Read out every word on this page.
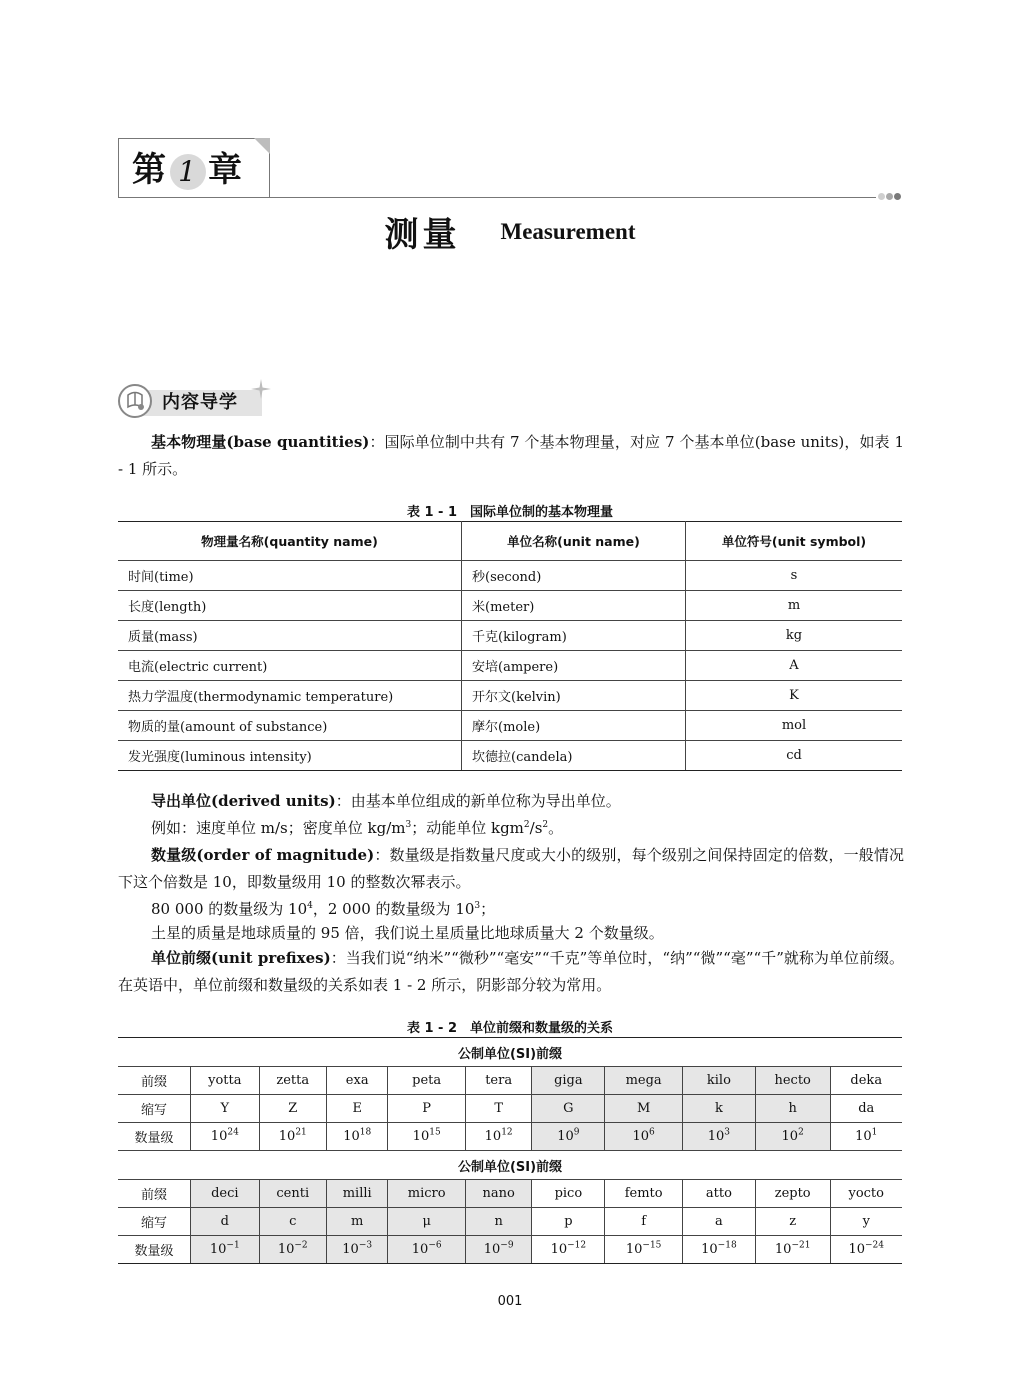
第 1 章
测量 Measurement
内容导学
基本物理量(base quantities)：国际单位制中共有 7 个基本物理量，对应 7 个基本单位(base units)，如表 1 - 1 所示。
表 1 - 1　国际单位制的基本物理量
物理量名称(quantity name)	单位名称(unit name)	单位符号(unit symbol)
时间(time)	秒(second)	s
长度(length)	米(meter)	m
质量(mass)	千克(kilogram)	kg
电流(electric current)	安培(ampere)	A
热力学温度(thermodynamic temperature)	开尔文(kelvin)	K
物质的量(amount of substance)	摩尔(mole)	mol
发光强度(luminous intensity)	坎德拉(candela)	cd
导出单位(derived units)：由基本单位组成的新单位称为导出单位。
例如：速度单位 m/s；密度单位 $kg/m^3$；动能单位 $kgm^2/s^2$。
数量级(order of magnitude)：数量级是指数量尺度或大小的级别，每个级别之间保持固定的倍数，一般情况下这个倍数是 10，即数量级用 10 的整数次幂表示。
80 000 的数量级为 $10^4$，2 000 的数量级为 $10^3$；
土星的质量是地球质量的 95 倍，我们说土星质量比地球质量大 2 个数量级。
单位前缀(unit prefixes)：当我们说“纳米”“微秒”“毫安”“千克”等单位时，“纳”“微”“毫”“千”就称为单位前缀。在英语中，单位前缀和数量级的关系如表 1 - 2 所示，阴影部分较为常用。
表 1 - 2　单位前缀和数量级的关系
公制单位(SI)前缀										
前缀	yotta	zetta	exa	peta	tera	giga	mega	kilo	hecto	deka
缩写	Y	Z	E	P	T	G	M	k	h	da
数量级	$10^{24}$	$10^{21}$	$10^{18}$	$10^{15}$	$10^{12}$	$10^9$	$10^6$	$10^3$	$10^2$	$10^1$
公制单位(SI)前缀										
前缀	deci	centi	milli	micro	nano	pico	femto	atto	zepto	yocto
缩写	d	c	m	μ	n	p	f	a	z	y
数量级	$10^{-1}$	$10^{-2}$	$10^{-3}$	$10^{-6}$	$10^{-9}$	$10^{-12}$	$10^{-15}$	$10^{-18}$	$10^{-21}$	$10^{-24}$
001
